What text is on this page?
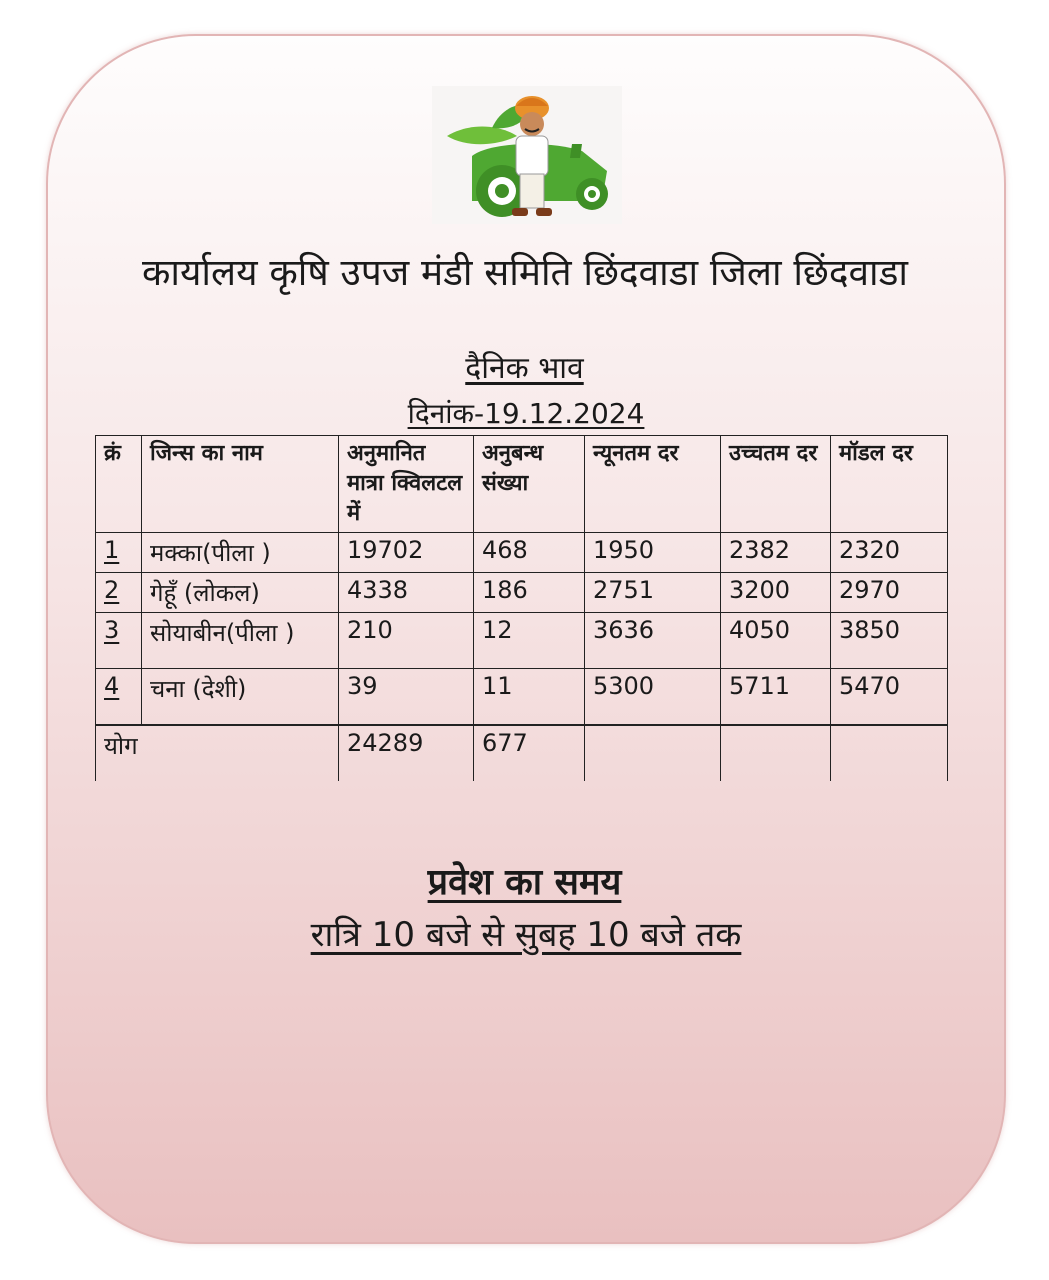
कार्यालय कृषि उपज मंडी समिति छिंदवाडा जिला छिंदवाडा
दैनिक भाव
दिनांक-19.12.2024
क्रं	जिन्स का नाम	अनुमानित मात्रा क्विलटल में	अनुबन्ध संख्या	न्यूनतम दर	उच्चतम दर	मॉडल दर
1	मक्का(पीला )	19702	468	1950	2382	2320
2	गेहूँ (लोकल)	4338	186	2751	3200	2970
3	सोयाबीन(पीला )	210	12	3636	4050	3850
4	चना (देशी)	39	11	5300	5711	5470
योग		24289	677			
प्रवेश का समय
रात्रि 10 बजे से सुबह 10 बजे तक
